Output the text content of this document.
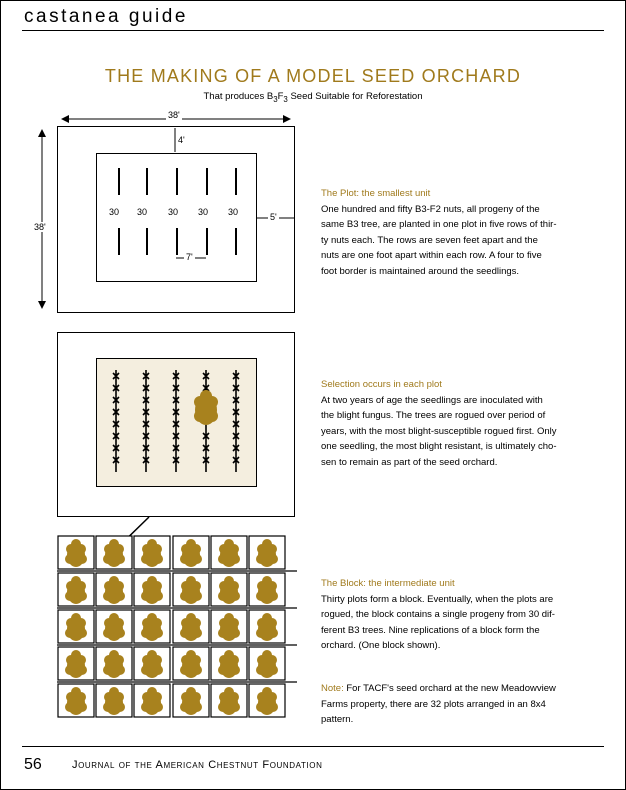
castanea guide
THE MAKING OF A MODEL SEED ORCHARD
That produces $B_3F_3$ Seed Suitable for Reforestation
38'
38'
4'
5'
7'
30 30 30 30 30
The Plot: the smallest unit
One hundred and fifty B3-F2 nuts, all progeny of the
same B3 tree, are planted in one plot in five rows of thir-
ty nuts each. The rows are seven feet apart and the
nuts are one foot apart within each row. A four to five
foot border is maintained around the seedlings.
Selection occurs in each plot
At two years of age the seedlings are inoculated with
the blight fungus. The trees are rogued over period of
years, with the most blight-susceptible rogued first. Only
one seedling, the most blight resistant, is ultimately cho-
sen to remain as part of the seed orchard.
The Block: the intermediate unit
Thirty plots form a block. Eventually, when the plots are
rogued, the block contains a single progeny from 30 dif-
ferent B3 trees. Nine replications of a block form the
orchard. (One block shown).
Note: For TACF's seed orchard at the new Meadowview
Farms property, there are 32 plots arranged in an 8x4
pattern.
56	Journal of the American Chestnut Foundation
